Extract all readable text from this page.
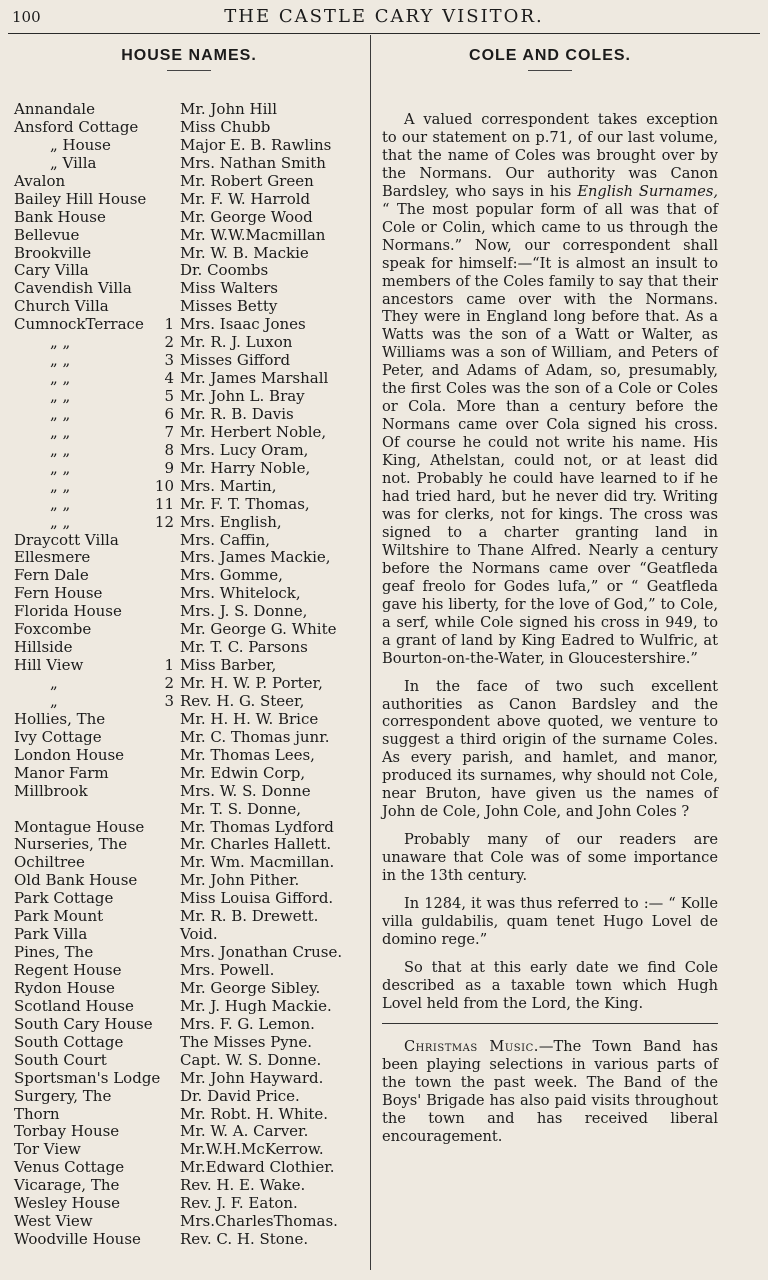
100	THE CASTLE CARY VISITOR.
HOUSE NAMES.
Annandale	Mr. John Hill
Ansford Cottage	Miss Chubb
„ House	Major E. B. Rawlins
„ Villa	Mrs. Nathan Smith
Avalon	Mr. Robert Green
Bailey Hill House Mr. F. W. Harrold
Bank House	Mr. George Wood
Bellevue	Mr. W.W.Macmillan
Brookville	Mr. W. B. Mackie
Cary Villa	Dr. Coombs
Cavendish Villa	Miss Walters
Church Villa	Misses Betty
CumnockTerrace	1 Mrs. Isaac Jones
„ „	2 Mr. R. J. Luxon
„ „	3 Misses Gifford
„ „	4 Mr. James Marshall
„ „	5 Mr. John L. Bray
„ „	6 Mr. R. B. Davis
„ „	7 Mr. Herbert Noble,
„ „	8 Mrs. Lucy Oram,
„ „	9 Mr. Harry Noble,
„ „	10 Mrs. Martin,
„ „	11 Mr. F. T. Thomas,
„ „	12 Mrs. English,
Draycott Villa	Mrs. Caffin,
Ellesmere	Mrs. James Mackie,
Fern Dale	Mrs. Gomme,
Fern House	Mrs. Whitelock,
Florida House	Mrs. J. S. Donne,
Foxcombe	Mr. George G. White
Hillside	Mr. T. C. Parsons
Hill View	1 Miss Barber,
„	2 Mr. H. W. P. Porter,
„	3 Rev. H. G. Steer,
Hollies, The	Mr. H. H. W. Brice
Ivy Cottage	Mr. C. Thomas junr.
London House	Mr. Thomas Lees,
Manor Farm	Mr. Edwin Corp,
Millbrook	Mrs. W. S. Donne
Mr. T. S. Donne,
Montague House Mr. Thomas Lydford
Nurseries, The	Mr. Charles Hallett.
Ochiltree	Mr. Wm. Macmillan.
Old Bank House	Mr. John Pither.
Park Cottage	Miss Louisa Gifford.
Park Mount	Mr. R. B. Drewett.
Park Villa	Void.
Pines, The	Mrs. Jonathan Cruse.
Regent House	Mrs. Powell.
Rydon House	Mr. George Sibley.
Scotland House	Mr. J. Hugh Mackie.
South Cary House Mrs. F. G. Lemon.
South Cottage	The Misses Pyne.
South Court	Capt. W. S. Donne.
Sportsman's Lodge Mr. John Hayward.
Surgery, The	Dr. David Price.
Thorn	Mr. Robt. H. White.
Torbay House	Mr. W. A. Carver.
Tor View	Mr.W.H.McKerrow.
Venus Cottage	Mr.Edward Clothier.
Vicarage, The	Rev. H. E. Wake.
Wesley House	Rev. J. F. Eaton.
West View	Mrs.CharlesThomas.
Woodville House	Rev. C. H. Stone.
COLE AND COLES.

A valued correspondent takes exception to our statement on p.71, of our last volume, that the name of Coles was brought over by the Normans. Our authority was Canon Bardsley, who says in his English Surnames, “ The most popular form of all was that of Cole or Colin, which came to us through the Normans.” Now, our correspondent shall speak for himself:—“It is almost an insult to members of the Coles family to say that their ancestors came over with the Normans. They were in England long before that. As a Watts was the son of a Watt or Walter, as Williams was a son of William, and Peters of Peter, and Adams of Adam, so, presumably, the first Coles was the son of a Cole or Coles or Cola. More than a century before the Normans came over Cola signed his cross. Of course he could not write his name. His King, Athelstan, could not, or at least did not. Probably he could have learned to if he had tried hard, but he never did try. Writing was for clerks, not for kings. The cross was signed to a charter granting land in Wiltshire to Thane Alfred. Nearly a century before the Normans came over “Geatfleda geaf freolo for Godes lufa,” or “ Geatfleda gave his liberty, for the love of God,” to Cole, a serf, while Cole signed his cross in 949, to a grant of land by King Eadred to Wulfric, at Bourton-on-the-Water, in Gloucestershire.”

In the face of two such excellent authorities as Canon Bardsley and the correspondent above quoted, we venture to suggest a third origin of the surname Coles. As every parish, and hamlet, and manor, produced its surnames, why should not Cole, near Bruton, have given us the names of John de Cole, John Cole, and John Coles ?

Probably many of our readers are unaware that Cole was of some importance in the 13th century.

In 1284, it was thus referred to :— “ Kolle villa guldabilis, quam tenet Hugo Lovel de domino rege.”

So that at this early date we find Cole described as a taxable town which Hugh Lovel held from the Lord, the King.

Christmas Music.—The Town Band has been playing selections in various parts of the town the past week. The Band of the Boys' Brigade has also paid visits throughout the town and has received liberal encouragement.
